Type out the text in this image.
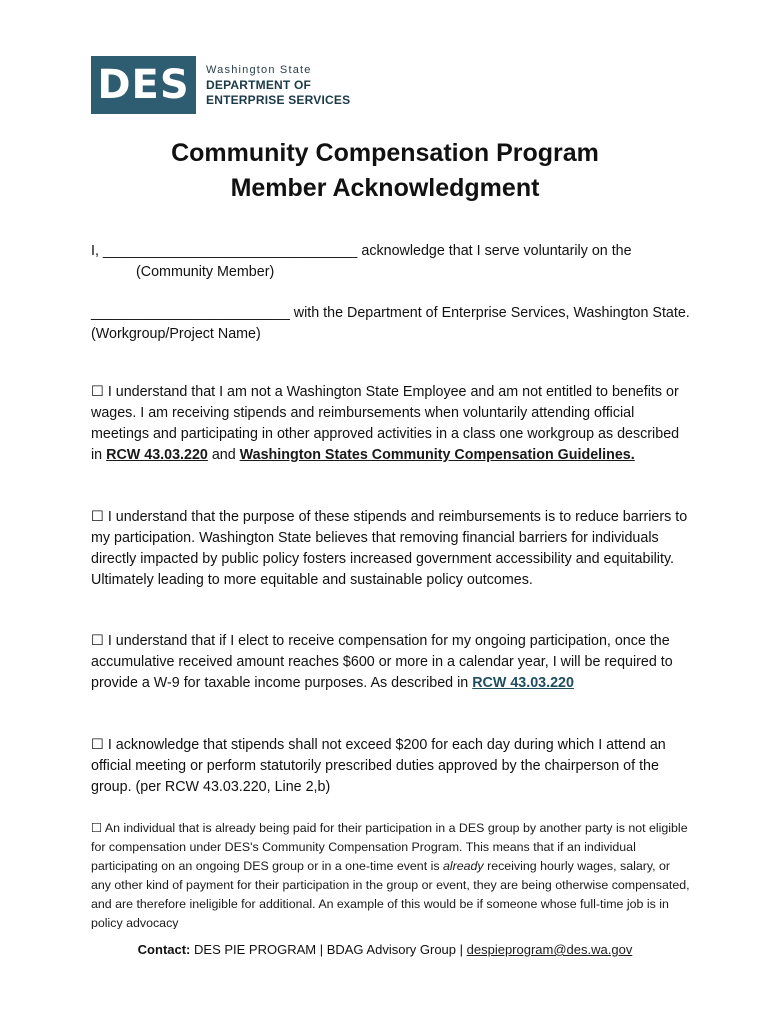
DES	Washington State
DEPARTMENT OF
ENTERPRISE SERVICES
Community Compensation Program
Member Acknowledgment
I, ________________________________ acknowledge that I serve voluntarily on the
(Community Member)
_________________________ with the Department of Enterprise Services, Washington State.
(Workgroup/Project Name)
☐ I understand that I am not a Washington State Employee and am not entitled to benefits or wages. I am receiving stipends and reimbursements when voluntarily attending official meetings and participating in other approved activities in a class one workgroup as described in RCW 43.03.220 and Washington States Community Compensation Guidelines.
☐ I understand that the purpose of these stipends and reimbursements is to reduce barriers to my participation. Washington State believes that removing financial barriers for individuals directly impacted by public policy fosters increased government accessibility and equitability. Ultimately leading to more equitable and sustainable policy outcomes.
☐ I understand that if I elect to receive compensation for my ongoing participation, once the accumulative received amount reaches $600 or more in a calendar year, I will be required to provide a W-9 for taxable income purposes. As described in RCW 43.03.220
☐ I acknowledge that stipends shall not exceed $200 for each day during which I attend an official meeting or perform statutorily prescribed duties approved by the chairperson of the group. (per RCW 43.03.220, Line 2,b)
☐ An individual that is already being paid for their participation in a DES group by another party is not eligible for compensation under DES's Community Compensation Program. This means that if an individual participating on an ongoing DES group or in a one-time event is already receiving hourly wages, salary, or any other kind of payment for their participation in the group or event, they are being otherwise compensated, and are therefore ineligible for additional. An example of this would be if someone whose full-time job is in policy advocacy
Contact: DES PIE PROGRAM | BDAG Advisory Group | despieprogram@des.wa.gov
